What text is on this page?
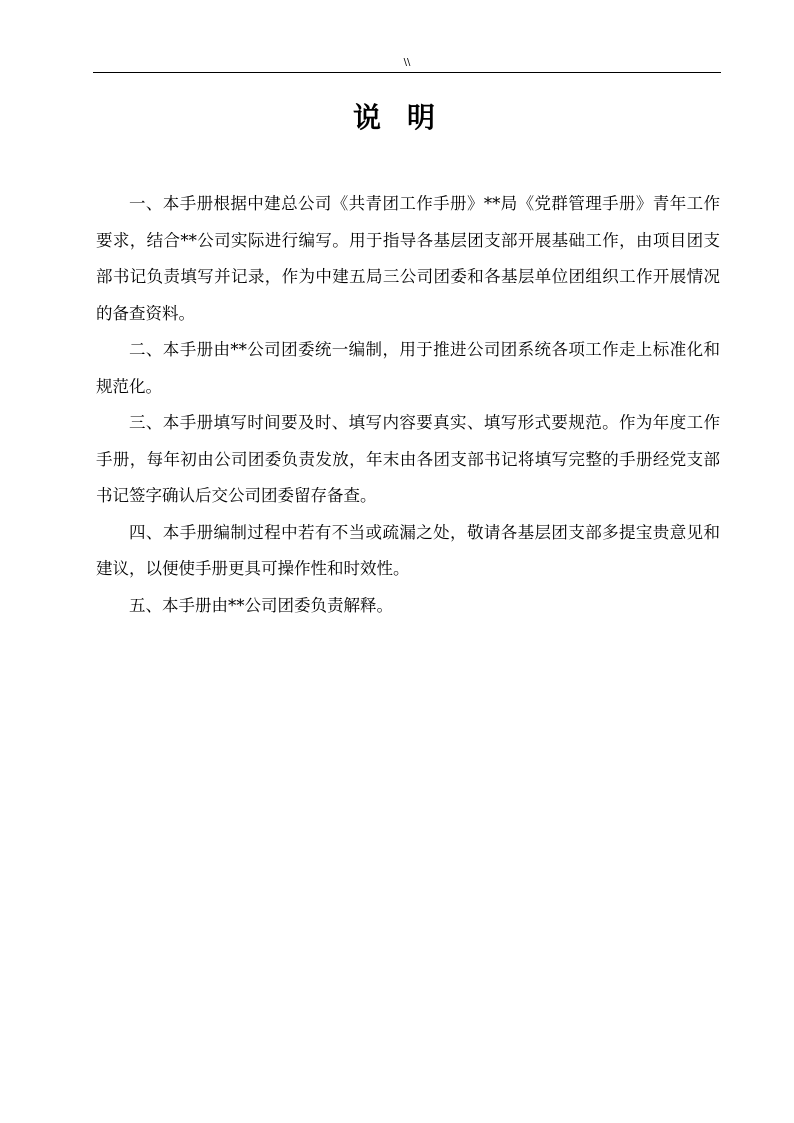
\\
说明

一、本手册根据中建总公司《共青团工作手册》**局《党群管理手册》青年工作要求，结合**公司实际进行编写。用于指导各基层团支部开展基础工作，由项目团支部书记负责填写并记录，作为中建五局三公司团委和各基层单位团组织工作开展情况的备查资料。

二、本手册由**公司团委统一编制，用于推进公司团系统各项工作走上标准化和规范化。

三、本手册填写时间要及时、填写内容要真实、填写形式要规范。作为年度工作手册，每年初由公司团委负责发放，年末由各团支部书记将填写完整的手册经党支部书记签字确认后交公司团委留存备查。

四、本手册编制过程中若有不当或疏漏之处，敬请各基层团支部多提宝贵意见和建议，以便使手册更具可操作性和时效性。

五、本手册由**公司团委负责解释。
